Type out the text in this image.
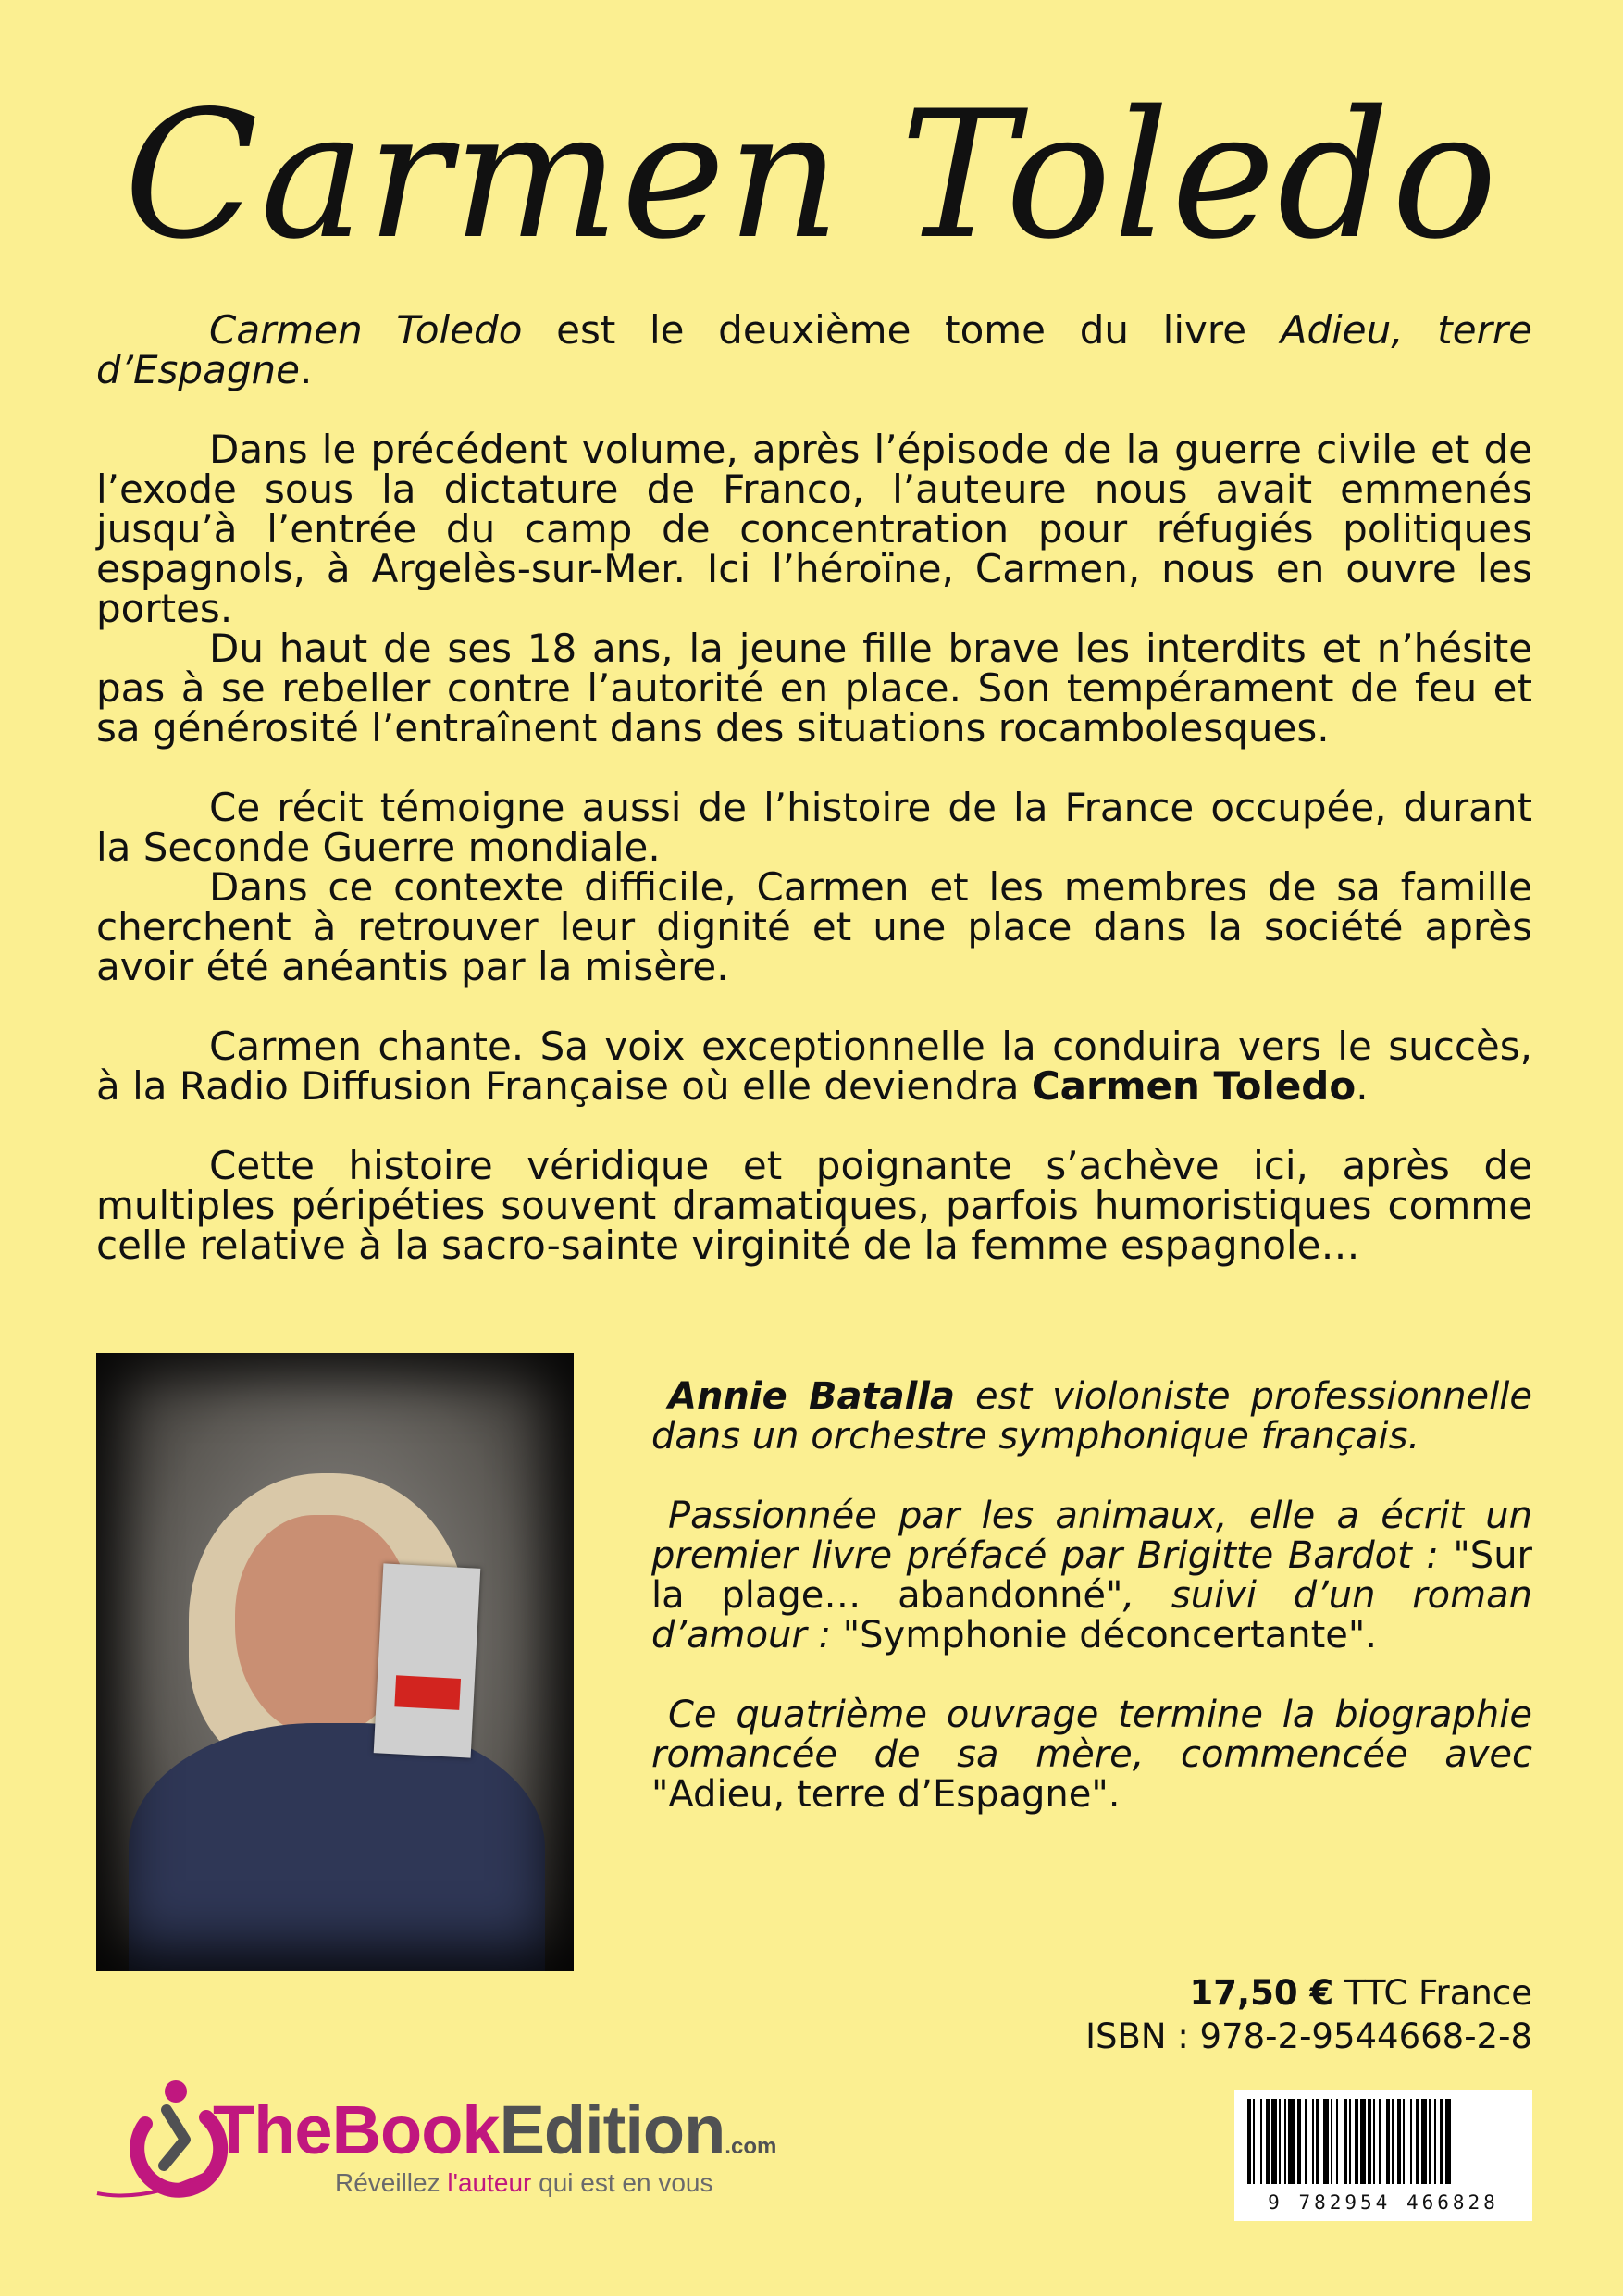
Carmen Toledo

Carmen Toledo est le deuxième tome du livre Adieu, terre d’Espagne.

Dans le précédent volume, après l’épisode de la guerre civile et de l’exode sous la dictature de Franco, l’auteure nous avait emmenés jusqu’à l’entrée du camp de concentration pour réfugiés politiques espagnols, à Argelès-sur-Mer. Ici l’héroïne, Carmen, nous en ouvre les portes.

Du haut de ses 18 ans, la jeune fille brave les interdits et n’hésite pas à se rebeller contre l’autorité en place. Son tempérament de feu et sa générosité l’entraînent dans des situations rocambolesques.

Ce récit témoigne aussi de l’histoire de la France occupée, durant la Seconde Guerre mondiale.

Dans ce contexte difficile, Carmen et les membres de sa famille cherchent à retrouver leur dignité et une place dans la société après avoir été anéantis par la misère.

Carmen chante. Sa voix exceptionnelle la conduira vers le succès, à la Radio Diffusion Française où elle deviendra Carmen Toledo.

Cette histoire véridique et poignante s’achève ici, après de multiples péripéties souvent dramatiques, parfois humoristiques comme celle relative à la sacro-sainte virginité de la femme espagnole…

Annie Batalla est violoniste professionnelle dans un orchestre symphonique français.

Passionnée par les animaux, elle a écrit un premier livre préfacé par Brigitte Bardot : "Sur la plage… abandonné", suivi d’un roman d’amour : "Symphonie déconcertante".

Ce quatrième ouvrage termine la biographie romancée de sa mère, commencée avec "Adieu, terre d’Espagne".

17,50 € TTC France
ISBN : 978-2-9544668-2-8
9 782954 466828
TheBookEdition.com
Réveillez l'auteur qui est en vous
